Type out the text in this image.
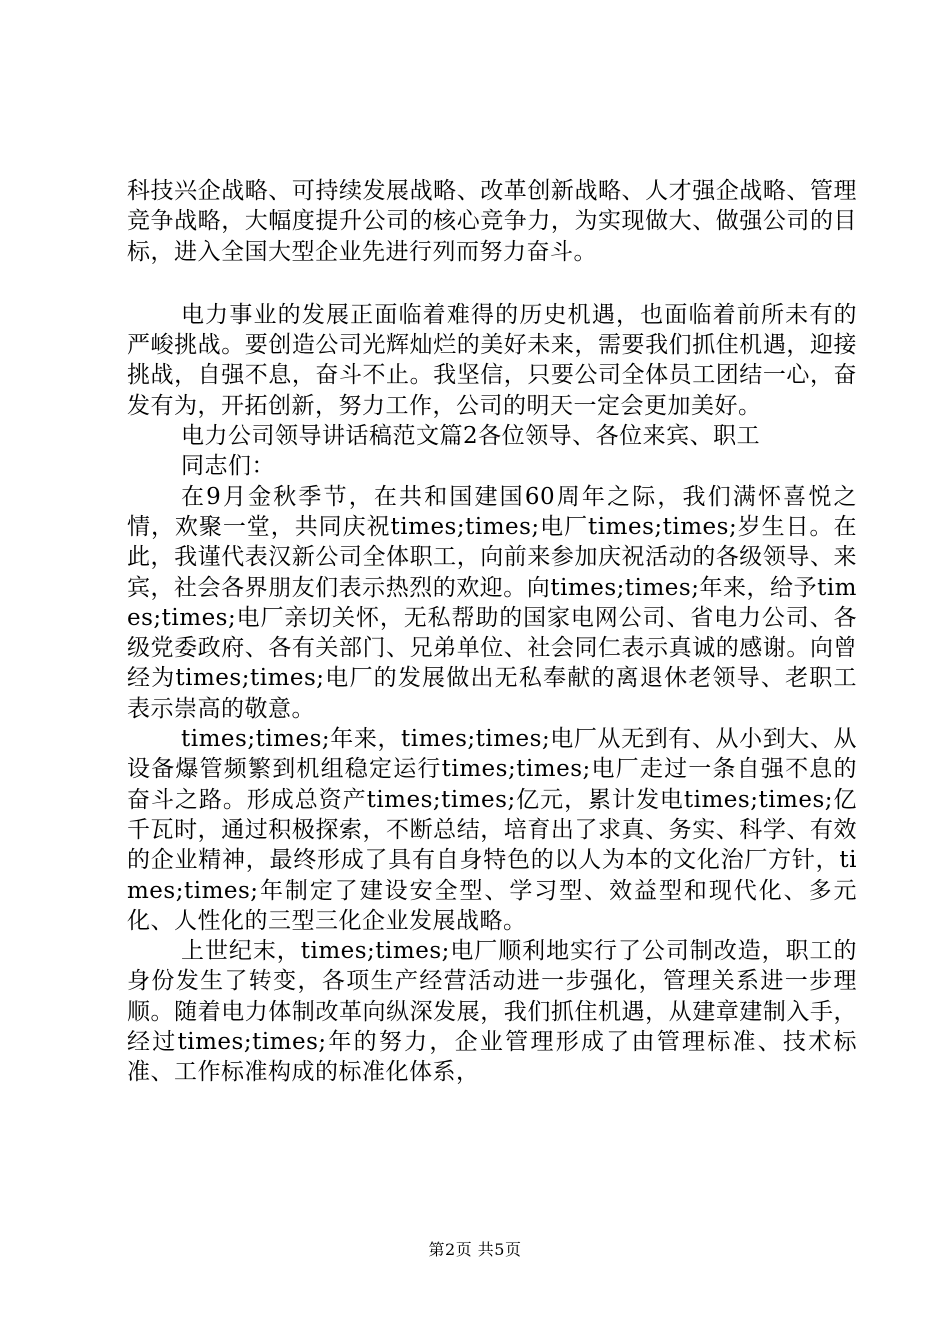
科技兴企战略、可持续发展战略、改革创新战略、人才强企战略、管理竞争战略，大幅度提升公司的核心竞争力，为实现做大、做强公司的目标，进入全国大型企业先进行列而努力奋斗。

电力事业的发展正面临着难得的历史机遇，也面临着前所未有的严峻挑战。要创造公司光辉灿烂的美好未来，需要我们抓住机遇，迎接挑战，自强不息，奋斗不止。我坚信，只要公司全体员工团结一心，奋发有为，开拓创新，努力工作，公司的明天一定会更加美好。

电力公司领导讲话稿范文篇2各位领导、各位来宾、职工

同志们：

在9月金秋季节，在共和国建国60周年之际，我们满怀喜悦之情，欢聚一堂，共同庆祝times;times;电厂times;times;岁生日。在此，我谨代表汉新公司全体职工，向前来参加庆祝活动的各级领导、来宾，社会各界朋友们表示热烈的欢迎。向times;times;年来，给予times;times;电厂亲切关怀，无私帮助的国家电网公司、省电力公司、各级党委政府、各有关部门、兄弟单位、社会同仁表示真诚的感谢。向曾经为times;times;电厂的发展做出无私奉献的离退休老领导、老职工表示崇高的敬意。

times;times;年来，times;times;电厂从无到有、从小到大、从设备爆管频繁到机组稳定运行times;times;电厂走过一条自强不息的奋斗之路。形成总资产times;times;亿元，累计发电times;times;亿千瓦时，通过积极探索，不断总结，培育出了求真、务实、科学、有效的企业精神，最终形成了具有自身特色的以人为本的文化治厂方针，times;times;年制定了建设安全型、学习型、效益型和现代化、多元化、人性化的三型三化企业发展战略。

上世纪末，times;times;电厂顺利地实行了公司制改造，职工的身份发生了转变，各项生产经营活动进一步强化，管理关系进一步理顺。随着电力体制改革向纵深发展，我们抓住机遇，从建章建制入手，经过times;times;年的努力，企业管理形成了由管理标准、技术标准、工作标准构成的标准化体系，

第2页 共5页
